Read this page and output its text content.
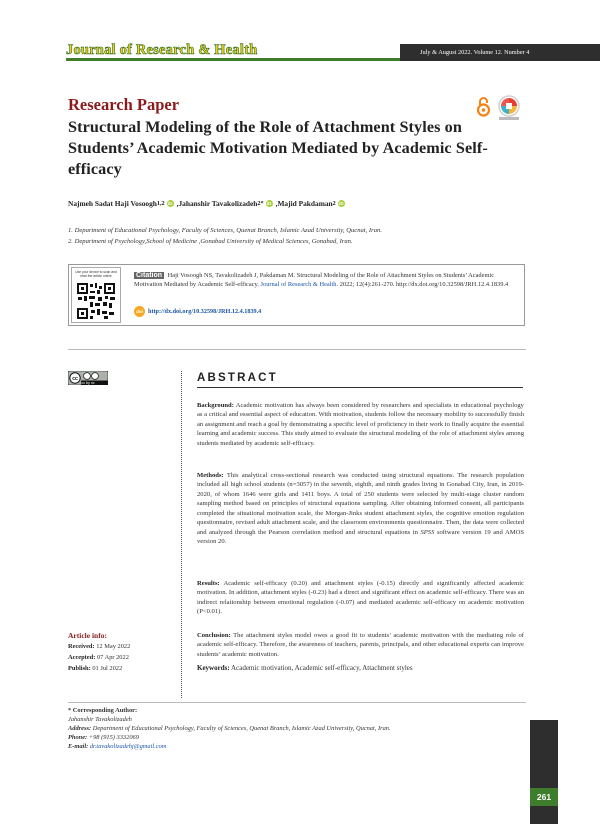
Journal of Research & Health	July & August 2022. Volume 12. Number 4
Research Paper
Structural Modeling of the Role of Attachment Styles on Students’ Academic Motivation Mediated by Academic Self-efficacy
Najmeh Sadat Haji Vosoogh 1,2 iD , Jahanshir Tavakolizadeh 2* iD , Majid Pakdaman 2 iD
1. Department of Educational Psychology, Faculty of Sciences, Quenat Branch, Islamic Azad University, Qucnat, Iran.
2. Department of Psychology,School of Medicine ,Gonabad University of Medical Sciences, Gonabad, Iran.
Use your device to scan and read the article online	Citation Haji Vosoogh NS, Tavakolizadeh J, Pakdaman M. Structural Modeling of the Role of Attachment Styles on Students’ Academic Motivation Mediated by Academic Self-efficacy. Journal of Research & Health. 2022; 12(4):261-270. http://dx.doi.org/10.32598/JRH.12.4.1839.4
doi http://dx.doi.org/10.32598/JRH.12.4.1839.4
cc
cc by nc	ABSTRACT
Background: Academic motivation has always been considered by researchers and specialists in educational psychology as a critical and essential aspect of education. With motivation, students follow the necessary mobility to successfully finish an assignment and reach a goal by demonstrating a specific level of proficiency in their work to finally acquire the essential learning and academic success. This study aimed to evaluate the structural modeling of the role of attachment styles among students mediated by academic self-efficacy.
Methods: This analytical cross-sectional research was conducted using structural equations. The research population included all high school students (n=3057) in the seventh, eighth, and ninth grades living in Gonabad City, Iran, in 2019-2020, of whom 1646 were girls and 1411 boys. A total of 250 students were selected by multi-stage cluster random sampling method based on principles of structural equations sampling. After obtaining informed consent, all participants completed the situational motivation scale, the Morgan-Jinks student attachment styles, the cognitive emotion regulation questionnaire, revised adult attachment scale, and the classroom environments questionnaire. Then, the data were collected and analyzed through the Pearson correlation method and structural equations in SPSS software version 19 and AMOS version 20.
Results: Academic self-efficacy (0.20) and attachment styles (-0.15) directly and significantly affected academic motivation. In addition, attachment styles (-0.23) had a direct and significant effect on academic self-efficacy. There was an indirect relationship between emotional regulation (-0.07) and mediated academic self-efficacy on academic motivation (P<0.01).
Conclusion: The attachment styles model owes a good fit to students’ academic motivation with the mediating role of academic self-efficacy. Therefore, the awareness of teachers, parents, principals, and other educational experts can improve students’ academic motivation.
Keywords: Academic motivation, Academic self-efficacy, Attachment styles
Article info:
Received: 12 May 2022
Accepted: 07 Apr 2022
Publish: 01 Jul 2022
* Corresponding Author:
Jahanshir Tavakolizadeh
Address: Department of Educational Psychology, Faculty of Sciences, Quenat Branch, Islamic Azad University, Qucnat, Iran.
Phone: +98 (915) 3332069
E-mail: dr.tavakolizadehj@gmail.com
261
